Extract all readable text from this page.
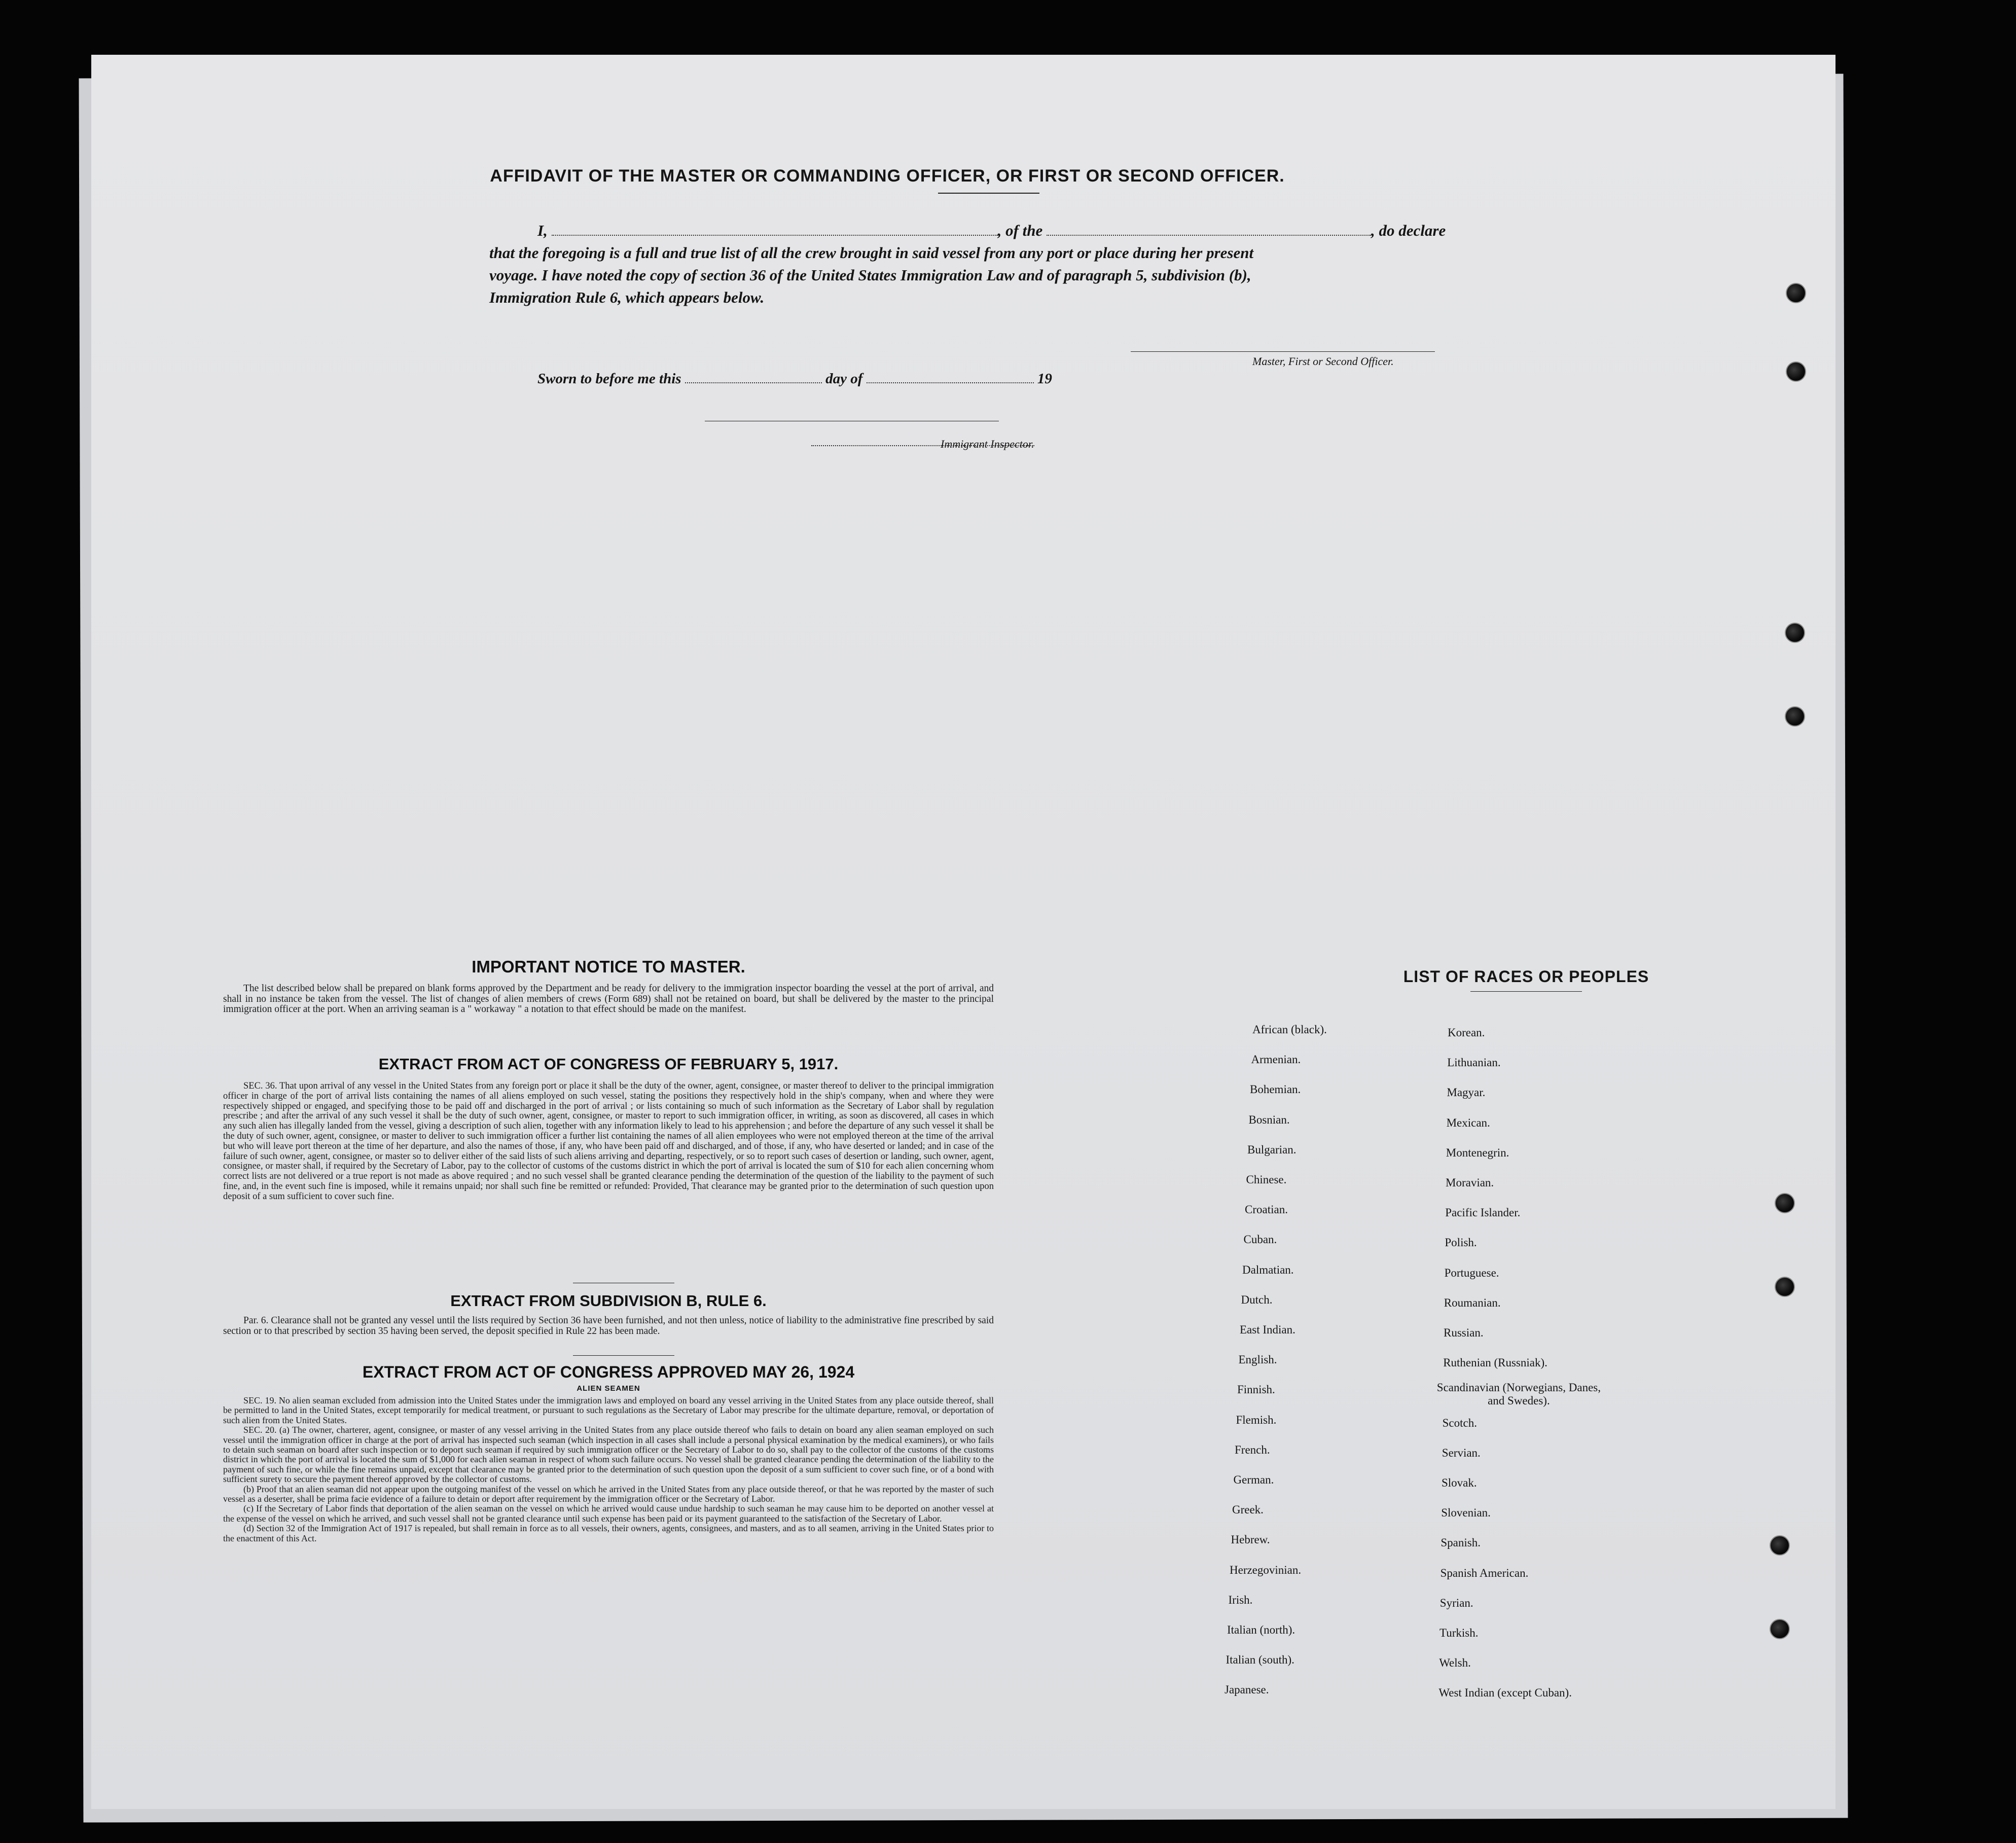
AFFIDAVIT OF THE MASTER OR COMMANDING OFFICER, OR FIRST OR SECOND OFFICER.
I,	, of the	, do declare
that the foregoing is a full and true list of all the crew brought in said vessel from any port or place during her present
voyage. I have noted the copy of section 36 of the United States Immigration Law and of paragraph 5, subdivision (b),
Immigration Rule 6, which appears below.
Master, First or Second Officer.
Sworn to before me this	day of	19
Immigrant Inspector.
IMPORTANT NOTICE TO MASTER.

The list described below shall be prepared on blank forms approved by the Department and be ready for delivery to the immigration inspector boarding the vessel at the port of arrival, and shall in no instance be taken from the vessel. The list of changes of alien members of crews (Form 689) shall not be retained on board, but shall be delivered by the master to the principal immigration officer at the port. When an arriving seaman is a " workaway " a notation to that effect should be made on the manifest.

EXTRACT FROM ACT OF CONGRESS OF FEBRUARY 5, 1917.

SEC. 36. That upon arrival of any vessel in the United States from any foreign port or place it shall be the duty of the owner, agent, consignee, or master thereof to deliver to the principal immigration officer in charge of the port of arrival lists containing the names of all aliens employed on such vessel, stating the positions they respectively hold in the ship's company, when and where they were respectively shipped or engaged, and specifying those to be paid off and discharged in the port of arrival ; or lists containing so much of such information as the Secretary of Labor shall by regulation prescribe ; and after the arrival of any such vessel it shall be the duty of such owner, agent, consignee, or master to report to such immigration officer, in writing, as soon as discovered, all cases in which any such alien has illegally landed from the vessel, giving a description of such alien, together with any information likely to lead to his apprehension ; and before the departure of any such vessel it shall be the duty of such owner, agent, consignee, or master to deliver to such immigration officer a further list containing the names of all alien employees who were not employed thereon at the time of the arrival but who will leave port thereon at the time of her departure, and also the names of those, if any, who have been paid off and discharged, and of those, if any, who have deserted or landed; and in case of the failure of such owner, agent, consignee, or master so to deliver either of the said lists of such aliens arriving and departing, respectively, or so to report such cases of desertion or landing, such owner, agent, consignee, or master shall, if required by the Secretary of Labor, pay to the collector of customs of the customs district in which the port of arrival is located the sum of $10 for each alien concerning whom correct lists are not delivered or a true report is not made as above required ; and no such vessel shall be granted clearance pending the determination of the question of the liability to the payment of such fine, and, in the event such fine is imposed, while it remains unpaid; nor shall such fine be remitted or refunded: Provided, That clearance may be granted prior to the determination of such question upon deposit of a sum sufficient to cover such fine.

EXTRACT FROM SUBDIVISION B, RULE 6.

Par. 6. Clearance shall not be granted any vessel until the lists required by Section 36 have been furnished, and not then unless, notice of liability to the administrative fine prescribed by said section or to that prescribed by section 35 having been served, the deposit specified in Rule 22 has been made.

EXTRACT FROM ACT OF CONGRESS APPROVED MAY 26, 1924
ALIEN SEAMEN

SEC. 19. No alien seaman excluded from admission into the United States under the immigration laws and employed on board any vessel arriving in the United States from any place outside thereof, shall be permitted to land in the United States, except temporarily for medical treatment, or pursuant to such regulations as the Secretary of Labor may prescribe for the ultimate departure, removal, or deportation of such alien from the United States.

SEC. 20. (a) The owner, charterer, agent, consignee, or master of any vessel arriving in the United States from any place outside thereof who fails to detain on board any alien seaman employed on such vessel until the immigration officer in charge at the port of arrival has inspected such seaman (which inspection in all cases shall include a personal physical examination by the medical examiners), or who fails to detain such seaman on board after such inspection or to deport such seaman if required by such immigration officer or the Secretary of Labor to do so, shall pay to the collector of the customs of the customs district in which the port of arrival is located the sum of $1,000 for each alien seaman in respect of whom such failure occurs. No vessel shall be granted clearance pending the determination of the liability to the payment of such fine, or while the fine remains unpaid, except that clearance may be granted prior to the determination of such question upon the deposit of a sum sufficient to cover such fine, or of a bond with sufficient surety to secure the payment thereof approved by the collector of customs.

(b) Proof that an alien seaman did not appear upon the outgoing manifest of the vessel on which he arrived in the United States from any place outside thereof, or that he was reported by the master of such vessel as a deserter, shall be prima facie evidence of a failure to detain or deport after requirement by the immigration officer or the Secretary of Labor.

(c) If the Secretary of Labor finds that deportation of the alien seaman on the vessel on which he arrived would cause undue hardship to such seaman he may cause him to be deported on another vessel at the expense of the vessel on which he arrived, and such vessel shall not be granted clearance until such expense has been paid or its payment guaranteed to the satisfaction of the Secretary of Labor.

(d) Section 32 of the Immigration Act of 1917 is repealed, but shall remain in force as to all vessels, their owners, agents, consignees, and masters, and as to all seamen, arriving in the United States prior to the enactment of this Act.

LIST OF RACES OR PEOPLES
African (black).
Armenian.
Bohemian.
Bosnian.
Bulgarian.
Chinese.
Croatian.
Cuban.
Dalmatian.
Dutch.
East Indian.
English.
Finnish.
Flemish.
French.
German.
Greek.
Hebrew.
Herzegovinian.
Irish.
Italian (north).
Italian (south).
Japanese.
Korean.
Lithuanian.
Magyar.
Mexican.
Montenegrin.
Moravian.
Pacific Islander.
Polish.
Portuguese.
Roumanian.
Russian.
Ruthenian (Russniak).
Scandinavian (Norwegians, Danes, and Swedes).
Scotch.
Servian.
Slovak.
Slovenian.
Spanish.
Spanish American.
Syrian.
Turkish.
Welsh.
West Indian (except Cuban).
